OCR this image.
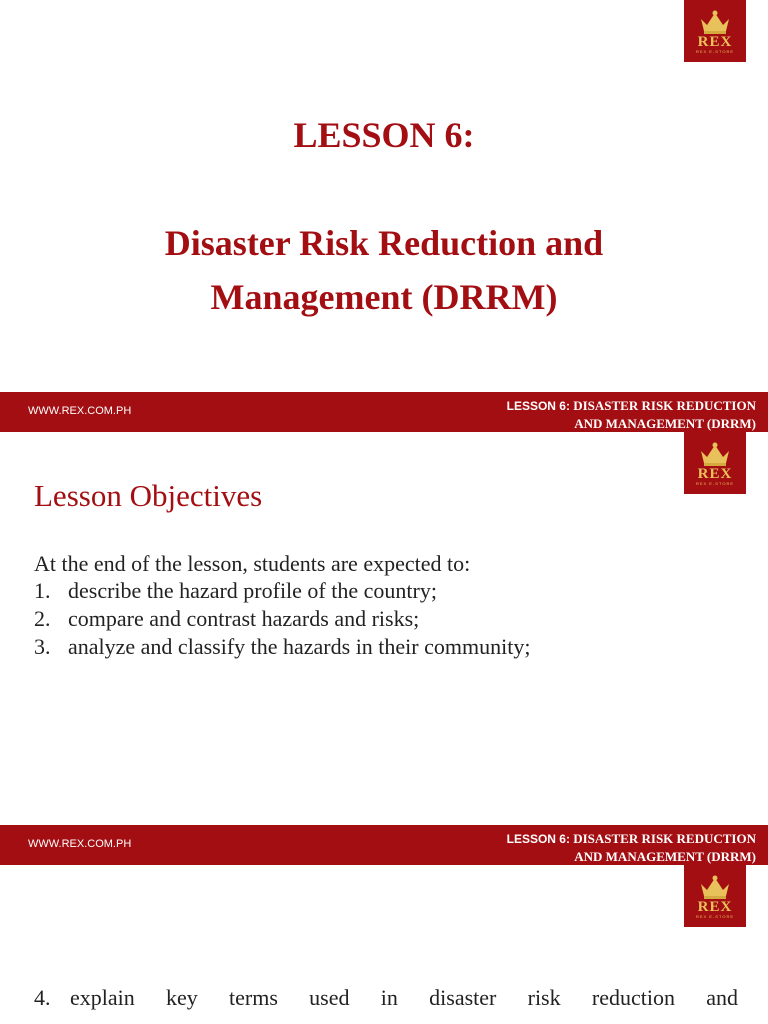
REX
REX E-STORE
LESSON 6:
Disaster Risk Reduction and
Management (DRRM)
WWW.REX.COM.PH	LESSON 6: DISASTER RISK REDUCTION
AND MANAGEMENT (DRRM)
REX
REX E-STORE
Lesson Objectives
At the end of the lesson, students are expected to:
1. describe the hazard profile of the country;
2. compare and contrast hazards and risks;
3. analyze and classify the hazards in their community;
WWW.REX.COM.PH	LESSON 6: DISASTER RISK REDUCTION
AND MANAGEMENT (DRRM)
REX
REX E-STORE
4. explain key terms used in disaster risk reduction and
